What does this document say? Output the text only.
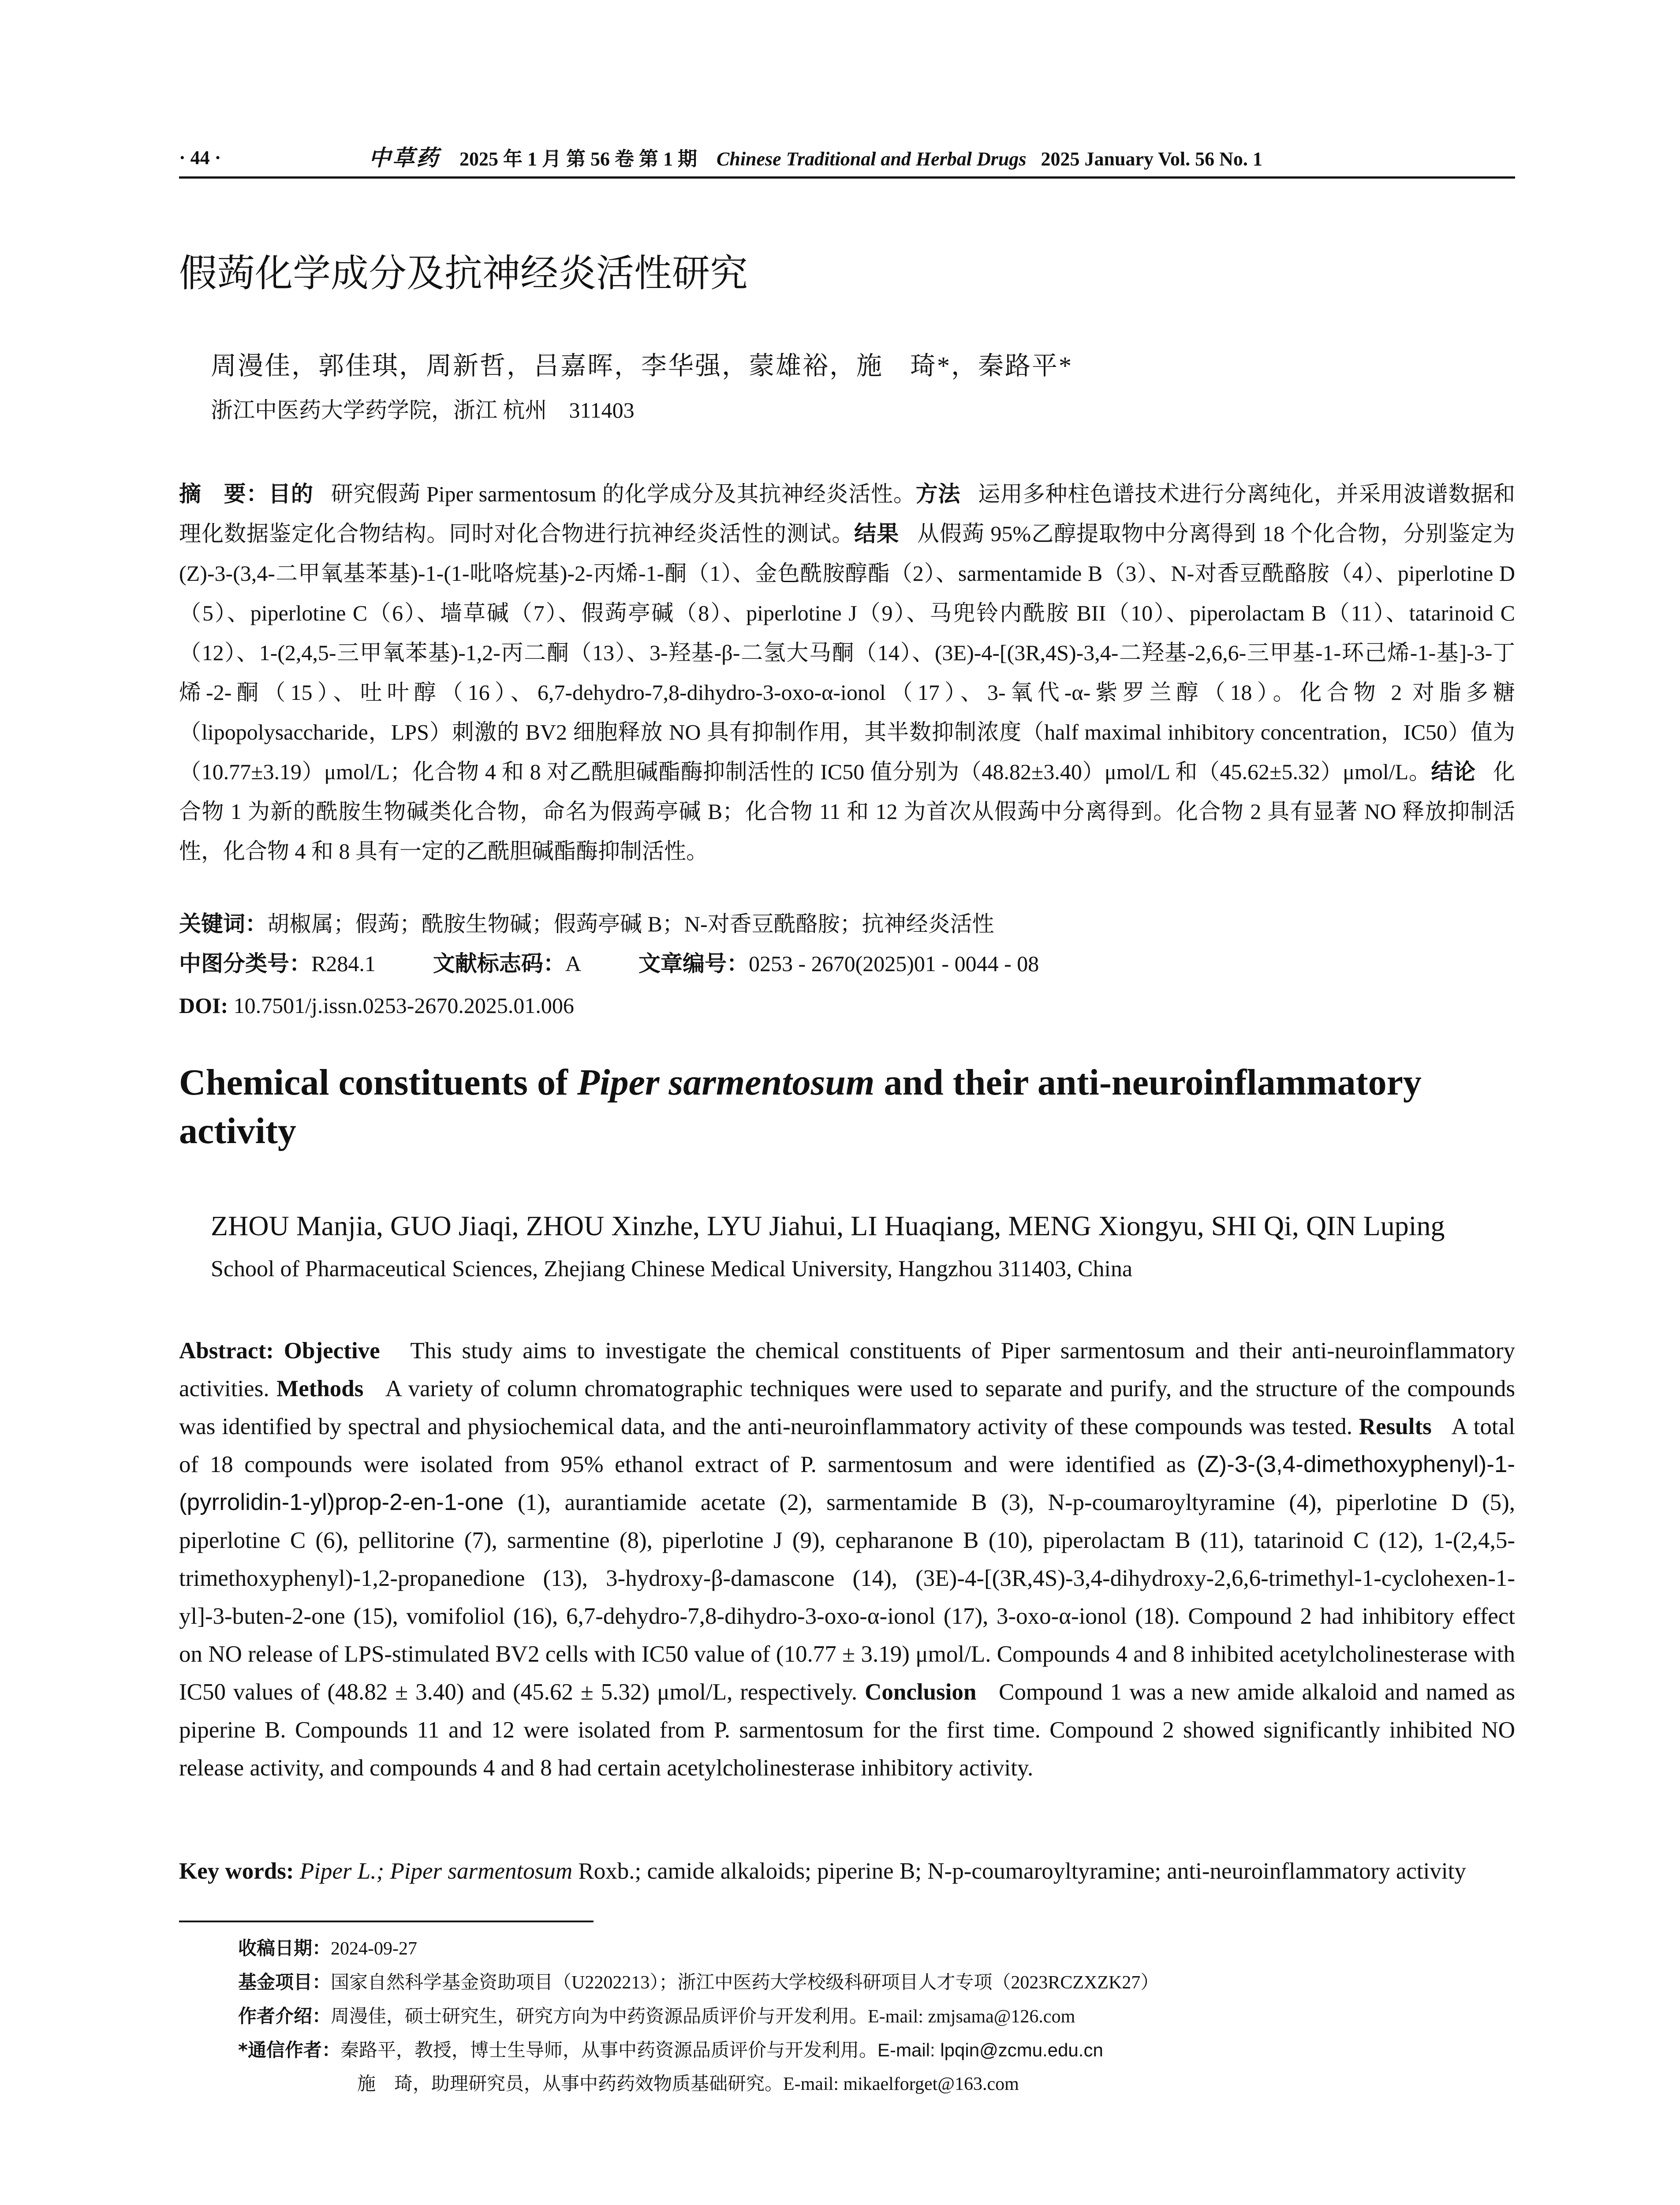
· 44 ·	中草药 2025 年 1 月 第 56 卷 第 1 期 Chinese Traditional and Herbal Drugs 2025 January Vol. 56 No. 1
假蒟化学成分及抗神经炎活性研究
周漫佳，郭佳琪，周新哲，吕嘉晖，李华强，蒙雄裕，施　琦*，秦路平*
浙江中医药大学药学院，浙江 杭州　311403
摘　要：目的 研究假蒟 Piper sarmentosum 的化学成分及其抗神经炎活性。方法 运用多种柱色谱技术进行分离纯化，并采用波谱数据和理化数据鉴定化合物结构。同时对化合物进行抗神经炎活性的测试。结果 从假蒟 95%乙醇提取物中分离得到 18 个化合物，分别鉴定为 (Z)-3-(3,4-二甲氧基苯基)-1-(1-吡咯烷基)-2-丙烯-1-酮（1）、金色酰胺醇酯（2）、sarmentamide B（3）、N-对香豆酰酪胺（4）、piperlotine D（5）、piperlotine C（6）、墙草碱（7）、假蒟亭碱（8）、piperlotine J（9）、马兜铃内酰胺 BII（10）、piperolactam B（11）、tatarinoid C（12）、1-(2,4,5-三甲氧苯基)-1,2-丙二酮（13）、3-羟基-β-二氢大马酮（14）、(3E)-4-[(3R,4S)-3,4-二羟基-2,6,6-三甲基-1-环己烯-1-基]-3-丁烯-2-酮（15）、吐叶醇（16）、6,7-dehydro-7,8-dihydro-3-oxo-α-ionol（17）、3-氧代-α-紫罗兰醇（18）。化合物 2 对脂多糖（lipopolysaccharide，LPS）刺激的 BV2 细胞释放 NO 具有抑制作用，其半数抑制浓度（half maximal inhibitory concentration，IC50）值为（10.77±3.19）μmol/L；化合物 4 和 8 对乙酰胆碱酯酶抑制活性的 IC50 值分别为（48.82±3.40）μmol/L 和（45.62±5.32）μmol/L。结论 化合物 1 为新的酰胺生物碱类化合物，命名为假蒟亭碱 B；化合物 11 和 12 为首次从假蒟中分离得到。化合物 2 具有显著 NO 释放抑制活性，化合物 4 和 8 具有一定的乙酰胆碱酯酶抑制活性。
关键词：胡椒属；假蒟；酰胺生物碱；假蒟亭碱 B；N-对香豆酰酪胺；抗神经炎活性
中图分类号：R284.1	文献标志码：A	文章编号：0253 - 2670(2025)01 - 0044 - 08
DOI: 10.7501/j.issn.0253-2670.2025.01.006
Chemical constituents of Piper sarmentosum and their anti-neuroinflammatory activity
ZHOU Manjia, GUO Jiaqi, ZHOU Xinzhe, LYU Jiahui, LI Huaqiang, MENG Xiongyu, SHI Qi, QIN Luping
School of Pharmaceutical Sciences, Zhejiang Chinese Medical University, Hangzhou 311403, China
Abstract: Objective This study aims to investigate the chemical constituents of Piper sarmentosum and their anti-neuroinflammatory activities. Methods A variety of column chromatographic techniques were used to separate and purify, and the structure of the compounds was identified by spectral and physiochemical data, and the anti-neuroinflammatory activity of these compounds was tested. Results A total of 18 compounds were isolated from 95% ethanol extract of P. sarmentosum and were identified as (Z)-3-(3,4-dimethoxyphenyl)-1-(pyrrolidin-1-yl)prop-2-en-1-one (1), aurantiamide acetate (2), sarmentamide B (3), N-p-coumaroyltyramine (4), piperlotine D (5), piperlotine C (6), pellitorine (7), sarmentine (8), piperlotine J (9), cepharanone B (10), piperolactam B (11), tatarinoid C (12), 1-(2,4,5-trimethoxyphenyl)-1,2-propanedione (13), 3-hydroxy-β-damascone (14), (3E)-4-[(3R,4S)-3,4-dihydroxy-2,6,6-trimethyl-1-cyclohexen-1-yl]-3-buten-2-one (15), vomifoliol (16), 6,7-dehydro-7,8-dihydro-3-oxo-α-ionol (17), 3-oxo-α-ionol (18). Compound 2 had inhibitory effect on NO release of LPS-stimulated BV2 cells with IC50 value of (10.77 ± 3.19) μmol/L. Compounds 4 and 8 inhibited acetylcholinesterase with IC50 values of (48.82 ± 3.40) and (45.62 ± 5.32) μmol/L, respectively. Conclusion Compound 1 was a new amide alkaloid and named as piperine B. Compounds 11 and 12 were isolated from P. sarmentosum for the first time. Compound 2 showed significantly inhibited NO release activity, and compounds 4 and 8 had certain acetylcholinesterase inhibitory activity.
Key words: Piper L.; Piper sarmentosum Roxb.; camide alkaloids; piperine B; N-p-coumaroyltyramine; anti-neuroinflammatory activity
收稿日期：2024-09-27
基金项目：国家自然科学基金资助项目（U2202213）；浙江中医药大学校级科研项目人才专项（2023RCZXZK27）
作者介绍：周漫佳，硕士研究生，研究方向为中药资源品质评价与开发利用。E-mail: zmjsama@126.com
*通信作者：秦路平，教授，博士生导师，从事中药资源品质评价与开发利用。E-mail: lpqin@zcmu.edu.cn
施　琦，助理研究员，从事中药药效物质基础研究。E-mail: mikaelforget@163.com
